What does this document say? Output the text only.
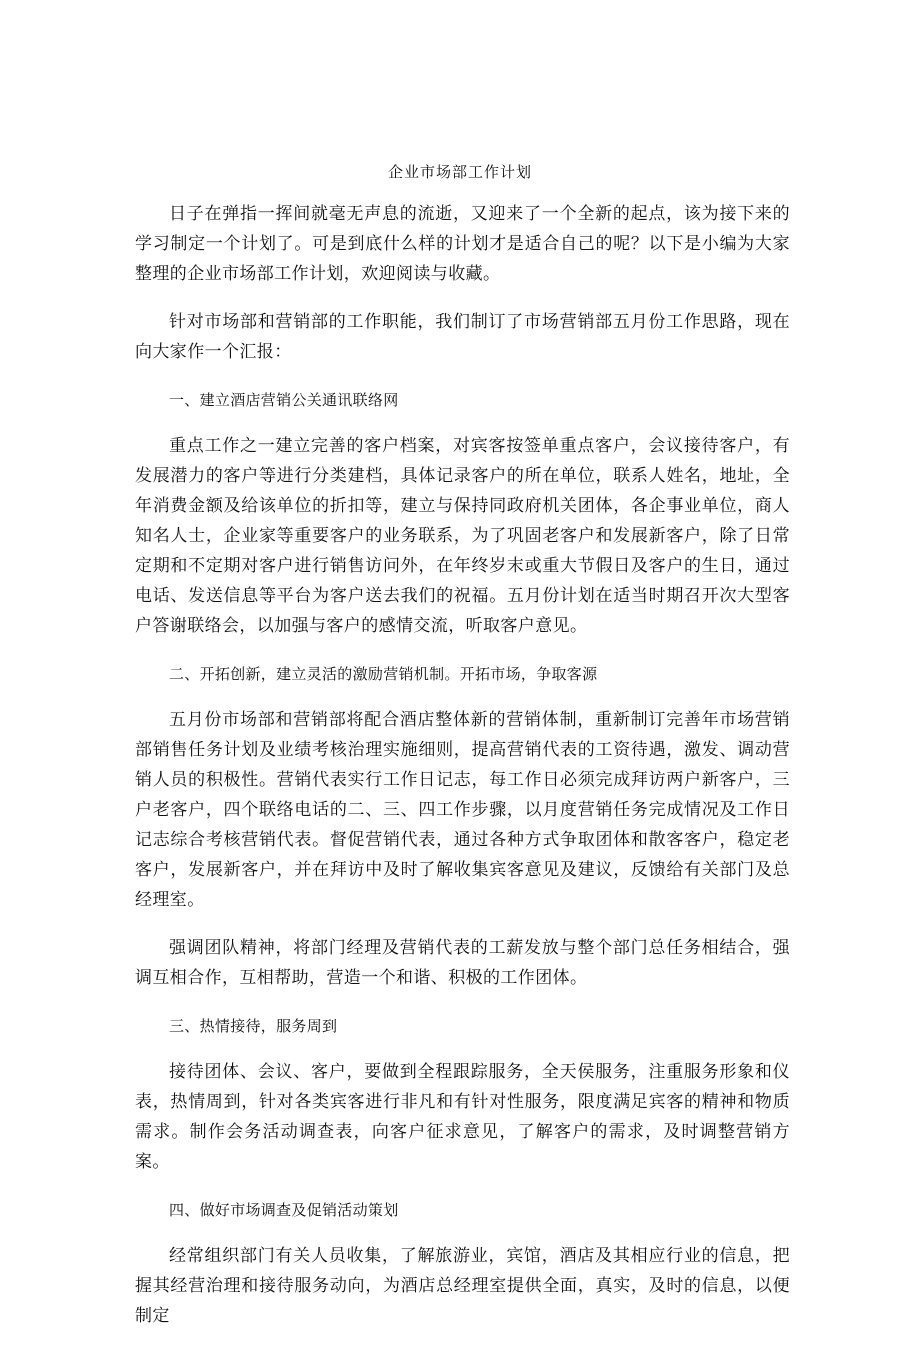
企业市场部工作计划

日子在弹指一挥间就毫无声息的流逝，又迎来了一个全新的起点，该为接下来的学习制定一个计划了。可是到底什么样的计划才是适合自己的呢？以下是小编为大家整理的企业市场部工作计划，欢迎阅读与收藏。

针对市场部和营销部的工作职能，我们制订了市场营销部五月份工作思路，现在向大家作一个汇报：

一、建立酒店营销公关通讯联络网

重点工作之一建立完善的客户档案，对宾客按签单重点客户，会议接待客户，有发展潜力的客户等进行分类建档，具体记录客户的所在单位，联系人姓名，地址，全年消费金额及给该单位的折扣等，建立与保持同政府机关团体，各企事业单位，商人知名人士，企业家等重要客户的业务联系，为了巩固老客户和发展新客户，除了日常定期和不定期对客户进行销售访问外，在年终岁末或重大节假日及客户的生日，通过电话、发送信息等平台为客户送去我们的祝福。五月份计划在适当时期召开次大型客户答谢联络会，以加强与客户的感情交流，听取客户意见。

二、开拓创新，建立灵活的激励营销机制。开拓市场，争取客源

五月份市场部和营销部将配合酒店整体新的营销体制，重新制订完善年市场营销部销售任务计划及业绩考核治理实施细则，提高营销代表的工资待遇，激发、调动营销人员的积极性。营销代表实行工作日记志，每工作日必须完成拜访两户新客户，三户老客户，四个联络电话的二、三、四工作步骤，以月度营销任务完成情况及工作日记志综合考核营销代表。督促营销代表，通过各种方式争取团体和散客客户，稳定老客户，发展新客户，并在拜访中及时了解收集宾客意见及建议，反馈给有关部门及总经理室。

强调团队精神，将部门经理及营销代表的工薪发放与整个部门总任务相结合，强调互相合作，互相帮助，营造一个和谐、积极的工作团体。

三、热情接待，服务周到

接待团体、会议、客户，要做到全程跟踪服务，全天侯服务，注重服务形象和仪表，热情周到，针对各类宾客进行非凡和有针对性服务，限度满足宾客的精神和物质需求。制作会务活动调查表，向客户征求意见，了解客户的需求，及时调整营销方案。

四、做好市场调查及促销活动策划

经常组织部门有关人员收集，了解旅游业，宾馆，酒店及其相应行业的信息，把握其经营治理和接待服务动向，为酒店总经理室提供全面，真实，及时的信息，以便制定
